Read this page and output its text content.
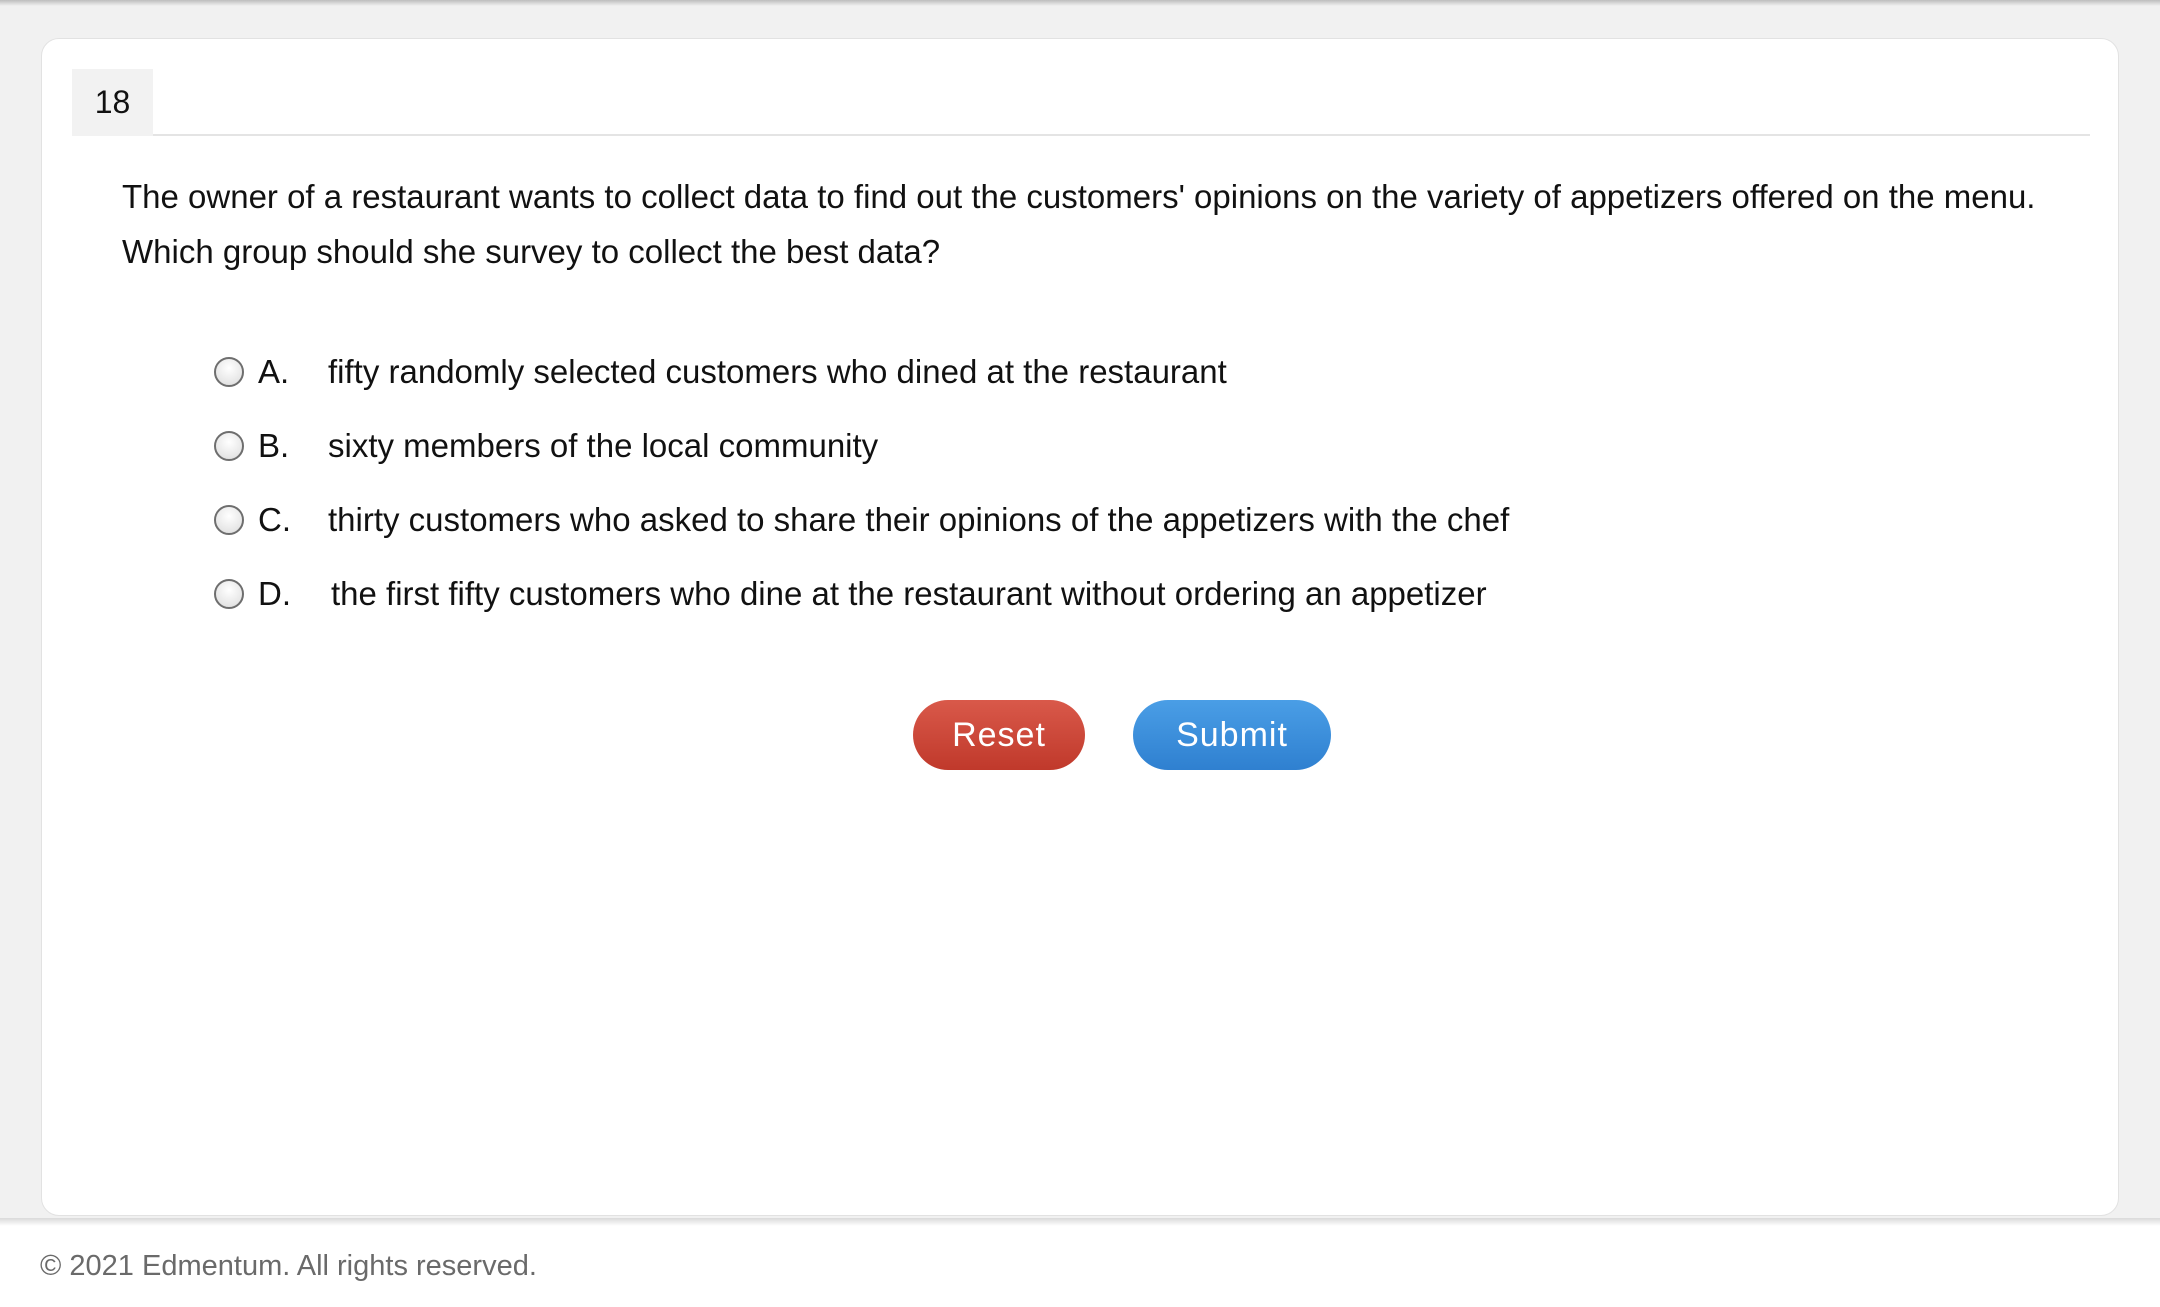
18
The owner of a restaurant wants to collect data to find out the customers' opinions on the variety of appetizers offered on the menu. Which group should she survey to collect the best data?
A.	fifty randomly selected customers who dined at the restaurant
B.	sixty members of the local community
C.	thirty customers who asked to share their opinions of the appetizers with the chef
D.	the first fifty customers who dine at the restaurant without ordering an appetizer
Reset	Submit
© 2021 Edmentum. All rights reserved.
